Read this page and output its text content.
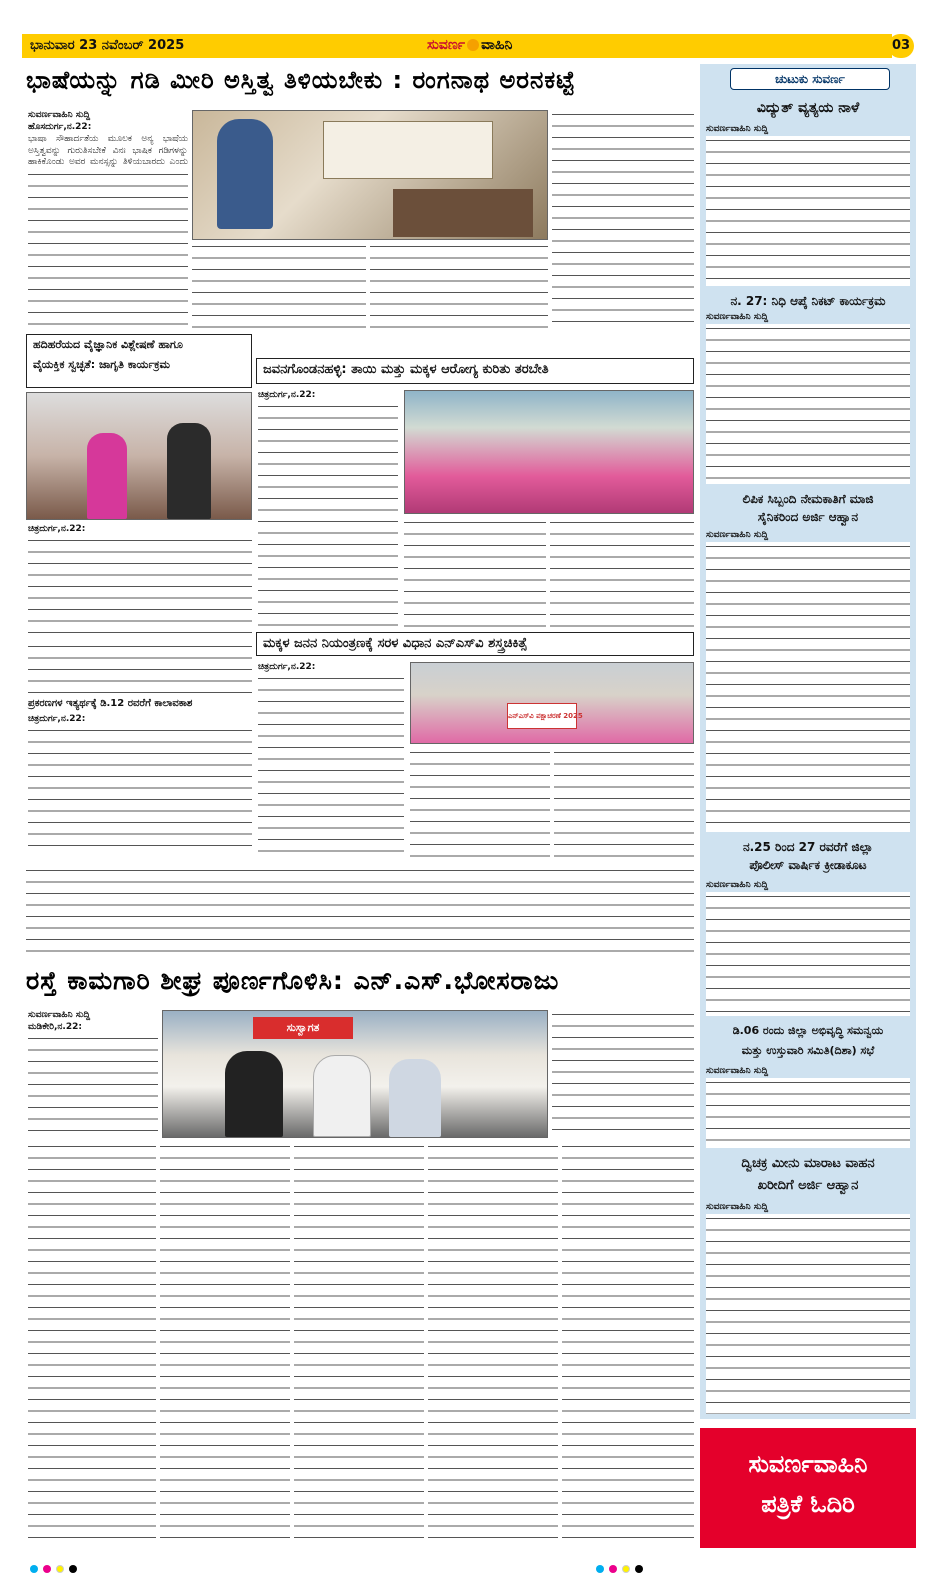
ಭಾನುವಾರ 23 ನವೆಂಬರ್ 2025	ಸುವರ್ಣ ವಾಹಿನಿ	03
ಭಾಷೆಯನ್ನು ಗಡಿ ಮೀರಿ ಅಸ್ತಿತ್ವ ತಿಳಿಯಬೇಕು : ರಂಗನಾಥ ಅರನಕಟ್ಟೆ
ಸುವರ್ಣವಾಹಿನಿ ಸುದ್ದಿ
ಹೊಸದುರ್ಗ,ನ.22:
ಭಾಷಾ ಸೌಹಾರ್ದತೆಯ ಮೂಲಕ ಅನ್ಯ ಭಾಷೆಯ ಅಸ್ತಿತ್ವವನ್ನು ಗುರುತಿಸಬೇಕೆ ವಿನಃ ಭಾಷಿಕ ಗಡಿಗಳನ್ನು ಹಾಕಿಕೊಂಡು ಅವರ ಮನಸ್ಸನ್ನು ತಿಳಿಯಬಾರದು ಎಂದು
ಹದಿಹರೆಯದ ವೈಜ್ಞಾನಿಕ ವಿಶ್ಲೇಷಣೆ ಹಾಗೂ
ವೈಯಕ್ತಿಕ ಸ್ವಚ್ಛತೆ: ಜಾಗೃತಿ ಕಾರ್ಯಕ್ರಮ
ಚಿತ್ರದುರ್ಗ,ನ.22:
ಪ್ರಕರಣಗಳ ಇತ್ಯರ್ಥಕ್ಕೆ ಡಿ.12 ರವರೆಗೆ ಕಾಲಾವಕಾಶ
ಚಿತ್ರದುರ್ಗ,ನ.22:
ಜವನಗೊಂಡನಹಳ್ಳಿ: ತಾಯಿ ಮತ್ತು ಮಕ್ಕಳ ಆರೋಗ್ಯ ಕುರಿತು ತರಬೇತಿ
ಚಿತ್ರದುರ್ಗ,ನ.22:
ಮಕ್ಕಳ ಜನನ ನಿಯಂತ್ರಣಕ್ಕೆ ಸರಳ ವಿಧಾನ ಎನ್‌ಎಸ್‌ವಿ ಶಸ್ತ್ರಚಿಕಿತ್ಸೆ
ಚಿತ್ರದುರ್ಗ,ನ.22:
ಎನ್‌ಎಸ್‌ವಿ ಪಕ್ಷಾಚರಣೆ 2025
ರಸ್ತೆ ಕಾಮಗಾರಿ ಶೀಘ್ರ ಪೂರ್ಣಗೊಳಿಸಿ: ಎನ್.ಎಸ್.ಭೋಸರಾಜು
ಸುವರ್ಣವಾಹಿನಿ ಸುದ್ದಿ
ಮಡಿಕೇರಿ,ನ.22:	ಸುಸ್ವಾಗತ
ಚುಟುಕು ಸುವರ್ಣ
ವಿದ್ಯುತ್ ವ್ಯತ್ಯಯ ನಾಳೆ
ಸುವರ್ಣವಾಹಿನಿ ಸುದ್ದಿ
ನ. 27: ನಿಧಿ ಆಪ್ಕೆ ನಿಕಟ್ ಕಾರ್ಯಕ್ರಮ
ಸುವರ್ಣವಾಹಿನಿ ಸುದ್ದಿ
ಲಿಪಿಕ ಸಿಬ್ಬಂದಿ ನೇಮಕಾತಿಗೆ ಮಾಜಿ
ಸೈನಿಕರಿಂದ ಅರ್ಜಿ ಆಹ್ವಾನ
ಸುವರ್ಣವಾಹಿನಿ ಸುದ್ದಿ
ನ.25 ರಿಂದ 27 ರವರೆಗೆ ಜಿಲ್ಲಾ
ಪೊಲೀಸ್ ವಾರ್ಷಿಕ ಕ್ರೀಡಾಕೂಟ
ಸುವರ್ಣವಾಹಿನಿ ಸುದ್ದಿ
ಡಿ.06 ರಂದು ಜಿಲ್ಲಾ ಅಭಿವೃದ್ಧಿ ಸಮನ್ವಯ
ಮತ್ತು ಉಸ್ತುವಾರಿ ಸಮಿತಿ(ದಿಶಾ) ಸಭೆ
ಸುವರ್ಣವಾಹಿನಿ ಸುದ್ದಿ
ದ್ವಿಚಕ್ರ ಮೀನು ಮಾರಾಟ ವಾಹನ
ಖರೀದಿಗೆ ಅರ್ಜಿ ಆಹ್ವಾನ
ಸುವರ್ಣವಾಹಿನಿ ಸುದ್ದಿ
ಸುವರ್ಣವಾಹಿನಿ
ಪತ್ರಿಕೆ ಓದಿರಿ
